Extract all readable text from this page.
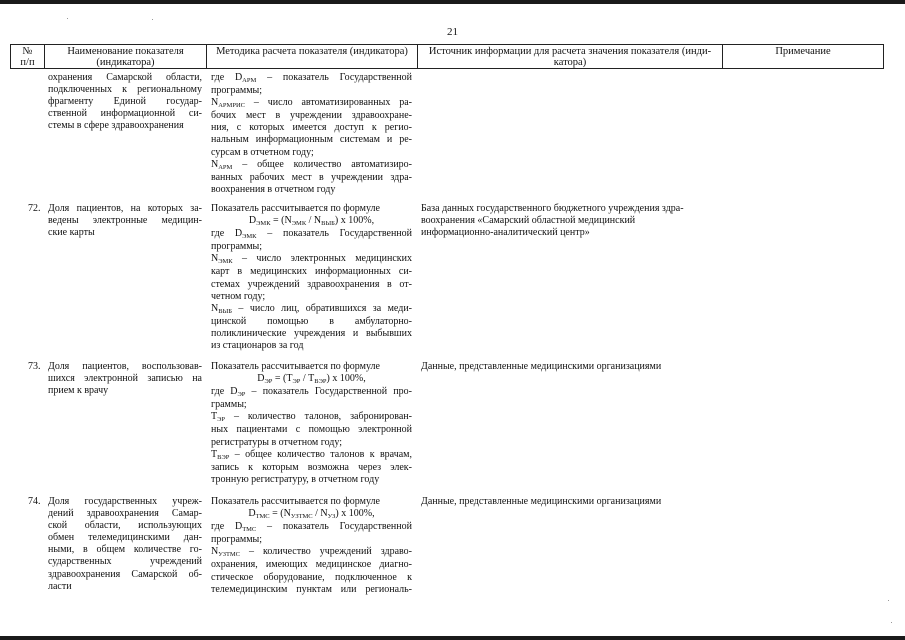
21
№
п/п
Наименование показателя
(индикатора)
Методика расчета показателя (индикатора)	Источник информации для расчета значения показателя (инди-
катора)
Примечание
охранения Самарской области,
подключенных к региональному
фрагменту Единой государ-
ственной информационной си-
стемы в сфере здравоохранения
где $D_{АРМ}$ – показатель Государственной
программы;
$N_{АРМРИС}$ – число автоматизированных ра-
бочих мест в учреждении здравоохране-
ния, с которых имеется доступ к регио-
нальным информационным системам и ре-
сурсам в отчетном году;
$N_{АРМ}$ – общее количество автоматизиро-
ванных рабочих мест в учреждении здра-
воохранения в отчетном году
72. Доля пациентов, на которых за-
ведены электронные медицин-
ские карты
Показатель рассчитывается по формуле
$D_{ЭМК} = (N_{ЭМК} / N_{ВЫБ})$ х 100%,
где $D_{ЭМК}$ – показатель Государственной
программы;
$N_{ЭМК}$ – число электронных медицинских
карт в медицинских информационных си-
стемах учреждений здравоохранения в от-
четном году;
$N_{ВЫБ}$ – число лиц, обратившихся за меди-
цинской помощью в амбулаторно-
поликлинические учреждения и выбывших
из стационаров за год
База данных государственного бюджетного учреждения здра-
воохранения «Самарский областной медицинский
информационно-аналитический центр»
73. Доля пациентов, воспользовав-
шихся электронной записью на
прием к врачу
Показатель рассчитывается по формуле
$D_{ЭР} = (Т_{ЭР} / Т_{ВЭР})$ х 100%,
где $D_{ЭР}$ – показатель Государственной про-
граммы;
$Т_{ЭР}$ – количество талонов, забронирован-
ных пациентами с помощью электронной
регистратуры в отчетном году;
$Т_{ВЭР}$ – общее количество талонов к врачам,
запись к которым возможна через элек-
тронную регистратуру, в отчетном году
Данные, представленные медицинскими организациями
74. Доля государственных учреж-
дений здравоохранения Самар-
ской области, использующих
обмен телемедицинскими дан-
ными, в общем количестве го-
сударственных учреждений
здравоохранения Самарской об-
ласти
Показатель рассчитывается по формуле
$D_{ТМС} = (N_{УЗТМС} / N_{УЗ})$ х 100%,
где $D_{ТМС}$ – показатель Государственной
программы;
$N_{УЗТМС}$ – количество учреждений здраво-
охранения, имеющих медицинское диагно-
стическое оборудование, подключенное к
телемедицинским пунктам или региональ-
Данные, представленные медицинскими организациями
